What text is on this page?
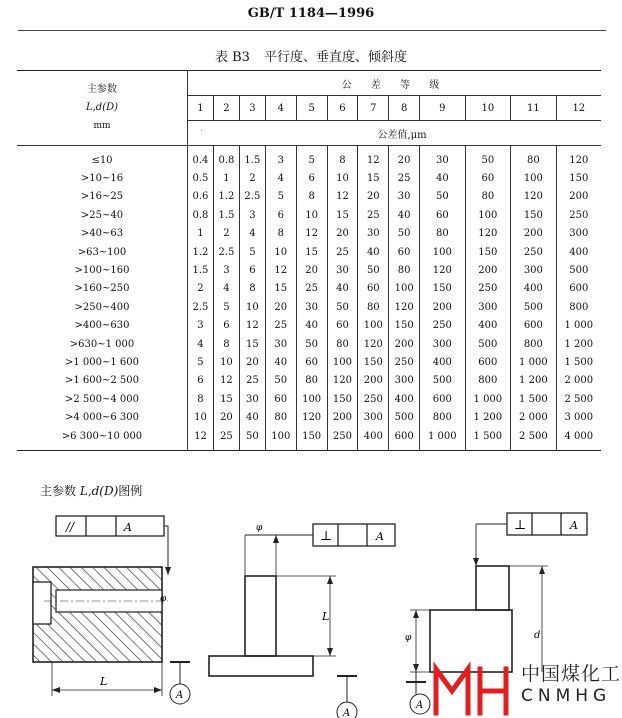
GB/T 1184—1996
表 B3 平行度、垂直度、倾斜度
主参数
L,d(D)
mm	公 差 等 级											
	1	2	3	4	5	6	7	8	9	10	11	12

	· 公差值,μm											
≤10	0.4	0.8	1.5	3	5	8	12	20	30	50	80	120
>10~16	0.5	1	2	4	6	10	15	25	40	60	100	150
>16~25	0.6	1.2	2.5	5	8	12	20	30	50	80	120	200
>25~40	0.8	1.5	3	6	10	15	25	40	60	100	150	250
>40~63	1	2	4	8	12	20	30	50	80	120	200	300
>63~100	1.2	2.5	5	10	15	25	40	60	100	150	250	400
>100~160	1.5	3	6	12	20	30	50	80	120	200	300	500
>160~250	2	4	8	15	25	40	60	100	150	250	400	600
>250~400	2.5	5	10	20	30	50	80	120	200	300	500	800
>400~630	3	6	12	25	40	60	100	150	250	400	600	1 000
>630~1 000	4	8	15	30	50	80	120	200	300	500	800	1 200
>1 000~1 600	5	10	20	40	60	100	150	250	400	600	1 000	1 500
>1 600~2 500	6	12	25	50	80	120	200	300	500	800	1 200	2 000
>2 500~4 000	8	15	30	60	100	150	250	400	600	1 000	1 500	2 500
>4 000~6 300	10	20	40	80	120	200	300	500	800	1 200	2 000	3 000
>6 300~10 000	12	25	50	100	150	250	400	600	1 000	1 500	2 500	4 000
主参数 L,d(D)图例
//	A
φ
L
A
⊥	A
φ
L
A
⊥	A
d
φ
A
中国煤化工
CNMHG
